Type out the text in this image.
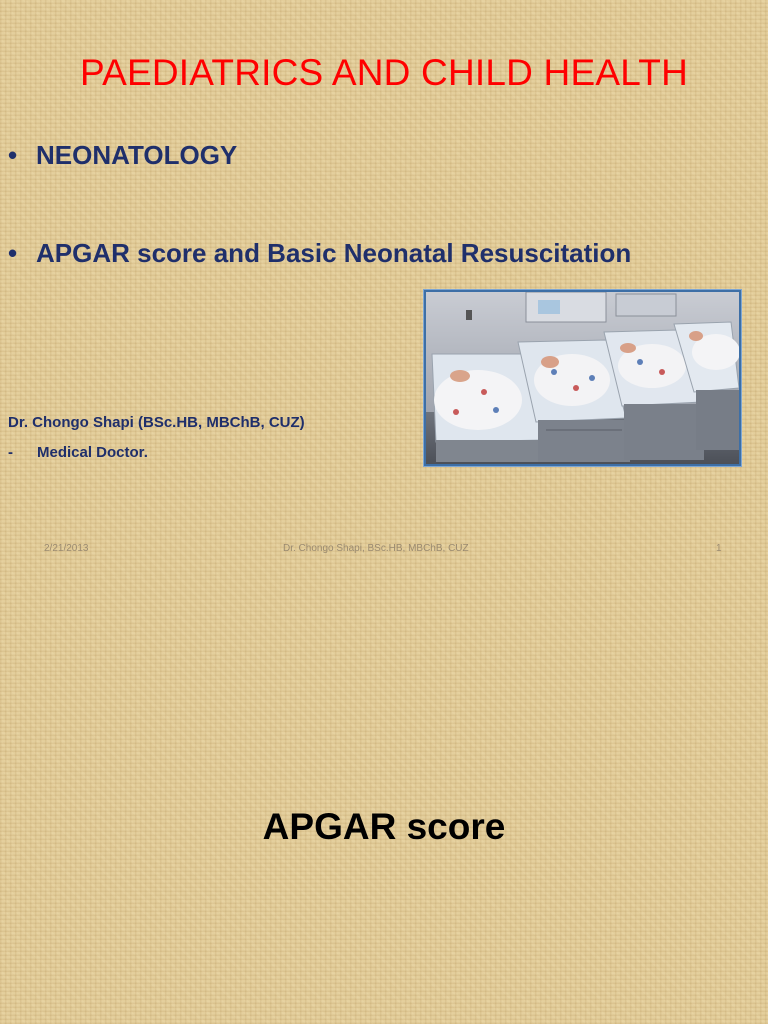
PAEDIATRICS AND CHILD HEALTH
• NEONATOLOGY
• APGAR score and Basic Neonatal Resuscitation
Dr. Chongo Shapi (BSc.HB, MBChB, CUZ)
-	Medical Doctor.
2/21/2013	Dr. Chongo Shapi, BSc.HB, MBChB, CUZ	1
APGAR score
